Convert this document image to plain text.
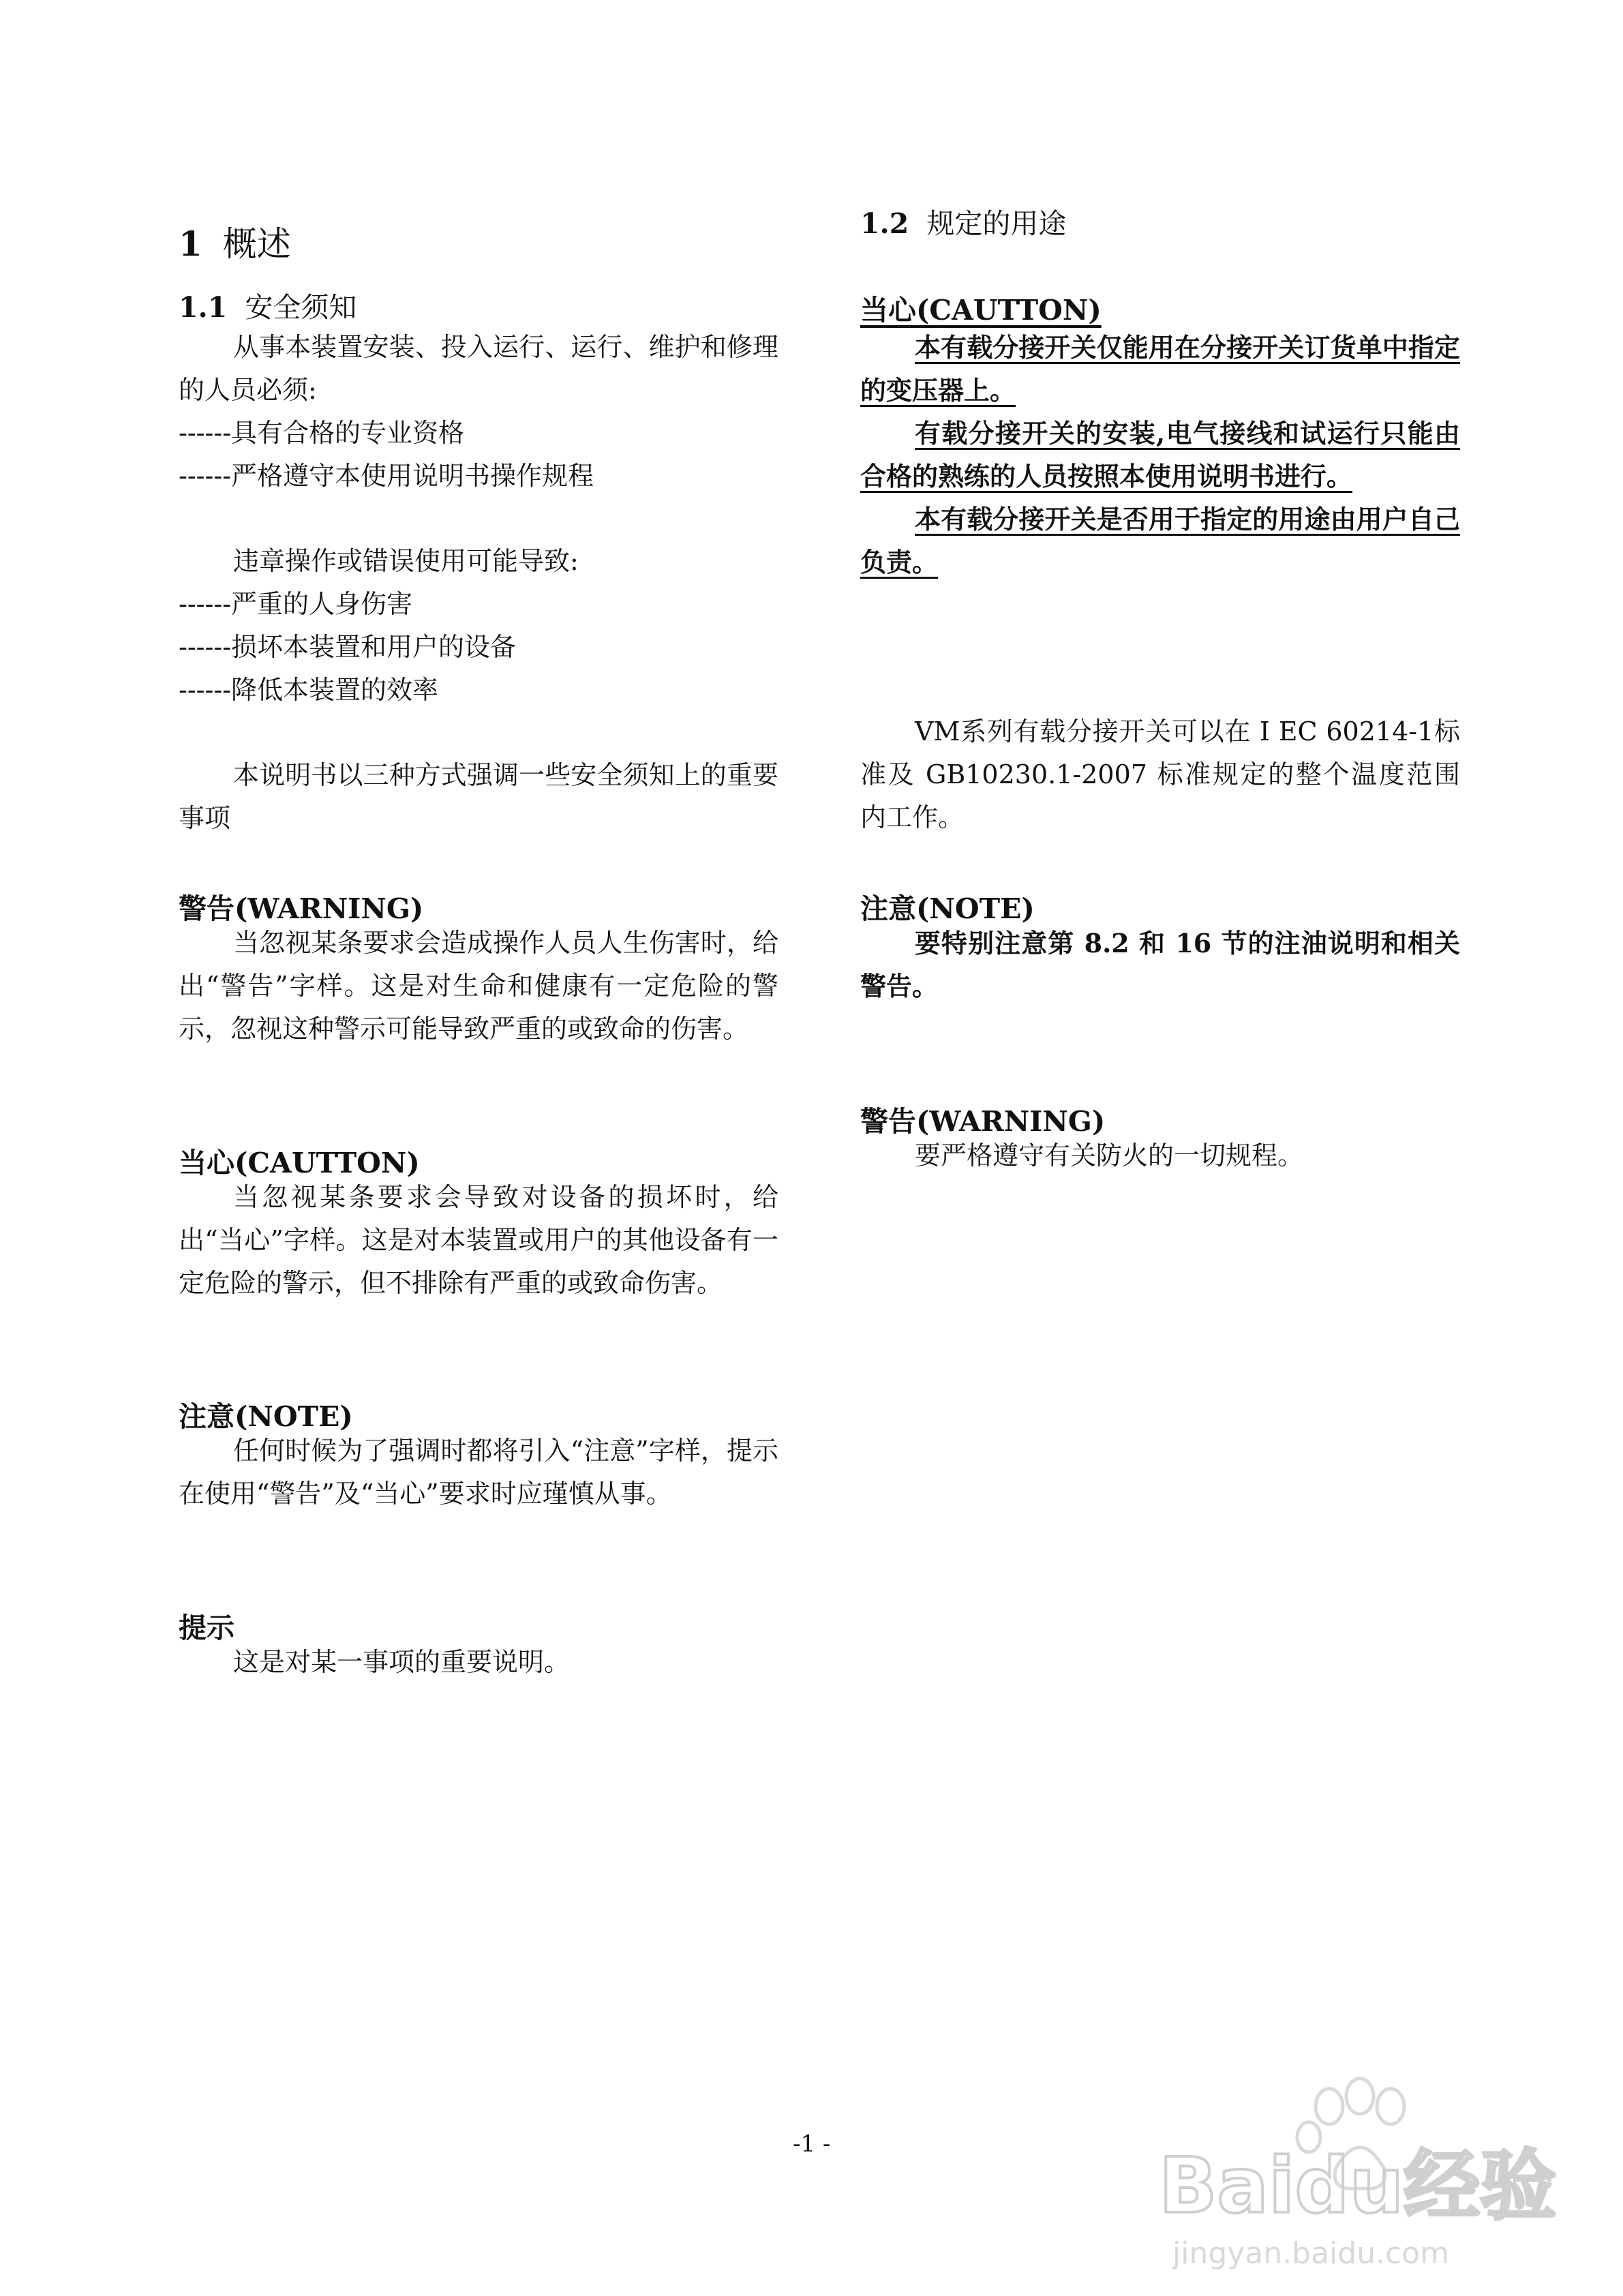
1 概述
1.1 安全须知

从事本装置安装、投入运行、运行、维护和修理的人员必须:

------具有合格的专业资格
------严格遵守本使用说明书操作规程
违章操作或错误使用可能导致:
------严重的人身伤害
------损坏本装置和用户的设备
------降低本装置的效率

本说明书以三种方式强调一些安全须知上的重要事项

警告(WARNING)

当忽视某条要求会造成操作人员人生伤害时，给出“警告”字样。这是对生命和健康有一定危险的警示，忽视这种警示可能导致严重的或致命的伤害。

当心(CAUTTON)

当忽视某条要求会导致对设备的损坏时，给出“当心”字样。这是对本装置或用户的其他设备有一定危险的警示，但不排除有严重的或致命伤害。

注意(NOTE)

任何时候为了强调时都将引入“注意”字样，提示在使用“警告”及“当心”要求时应瑾慎从事。

提示

这是对某一事项的重要说明。

1.2 规定的用途
当心(CAUTTON)

本有载分接开关仅能用在分接开关订货单中指定的变压器上。

有载分接开关的安装,电气接线和试运行只能由合格的熟练的人员按照本使用说明书进行。

本有载分接开关是否用于指定的用途由用户自己负责。

VM系列有载分接开关可以在 I EC 60214-1标准及 GB10230.1-2007 标准规定的整个温度范围内工作。

注意(NOTE)

要特别注意第 8.2 和 16 节的注油说明和相关警告。

警告(WARNING)

要严格遵守有关防火的一切规程。

-1 -	Baidu经验
jingyan.baidu.com
